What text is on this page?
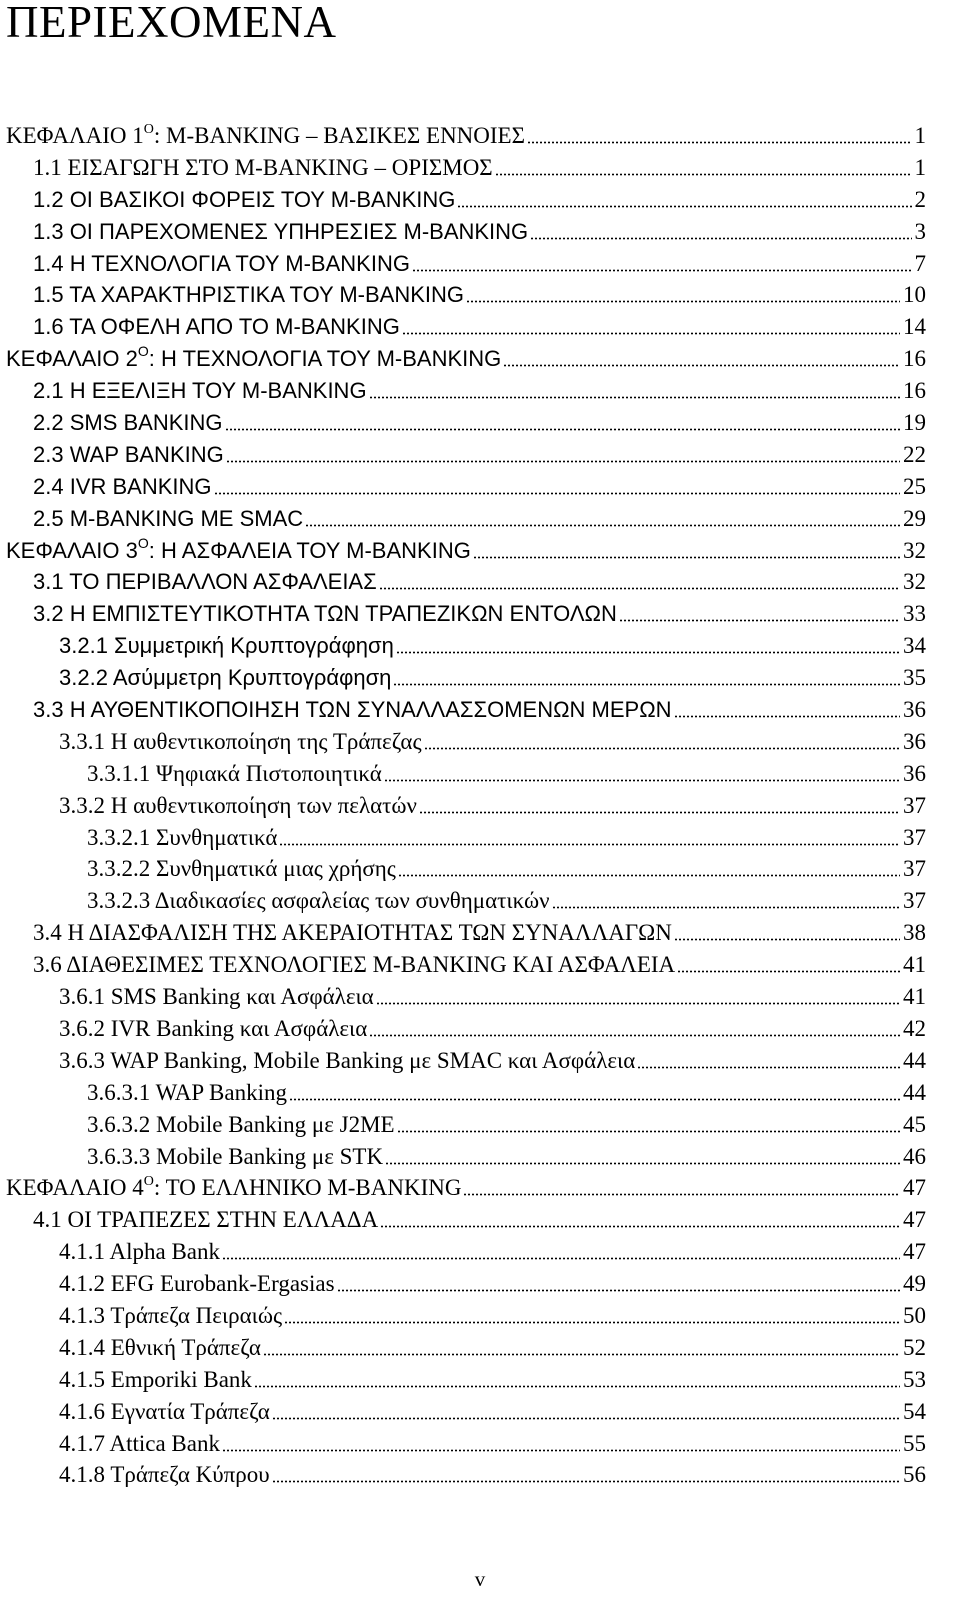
ΠΕΡΙΕΧΟΜΕΝΑ
ΚΕΦΑΛΑΙΟ $1^O$: M-BANKING – ΒΑΣΙΚΕΣ ΕΝΝΟΙΕΣ	1
1.1 ΕΙΣΑΓΩΓΗ ΣΤΟ M-BANKING – ΟΡΙΣΜΟΣ	1
1.2 ΟΙ ΒΑΣΙΚΟΙ ΦΟΡΕΙΣ ΤΟΥ M-BANKING	2
1.3 ΟΙ ΠΑΡΕΧΟΜΕΝΕΣ ΥΠΗΡΕΣΙΕΣ M-BANKING	3
1.4 Η ΤΕΧΝΟΛΟΓΙΑ ΤΟΥ M-BANKING	7
1.5 ΤΑ ΧΑΡΑΚΤΗΡΙΣΤΙΚΑ ΤΟΥ M-BANKING	10
1.6 ΤΑ ΟΦΕΛΗ ΑΠΟ ΤΟ M-BANKING	14
ΚΕΦΑΛΑΙΟ $2^O$: Η ΤΕΧΝΟΛΟΓΙΑ ΤΟΥ M-BANKING	16
2.1 Η ΕΞΕΛΙΞΗ ΤΟΥ M-BANKING	16
2.2 SMS BANKING	19
2.3 WAP BANKING	22
2.4 IVR BANKING	25
2.5 M-BANKING ΜΕ SMAC	29
ΚΕΦΑΛΑΙΟ $3^O$: Η ΑΣΦΑΛΕΙΑ ΤΟΥ M-BANKING	32
3.1 ΤΟ ΠΕΡΙΒΑΛΛΟΝ ΑΣΦΑΛΕΙΑΣ	32
3.2 Η ΕΜΠΙΣΤΕΥΤΙΚΟΤΗΤΑ ΤΩΝ ΤΡΑΠΕΖΙΚΩΝ ΕΝΤΟΛΩΝ	33
3.2.1 Συμμετρική Κρυπτογράφηση	34
3.2.2 Ασύμμετρη Κρυπτογράφηση	35
3.3 Η ΑΥΘΕΝΤΙΚΟΠΟΙΗΣΗ ΤΩΝ ΣΥΝΑΛΛΑΣΣΟΜΕΝΩΝ ΜΕΡΩΝ	36
3.3.1 Η αυθεντικοποίηση της Τράπεζας	36
3.3.1.1 Ψηφιακά Πιστοποιητικά	36
3.3.2 Η αυθεντικοποίηση των πελατών	37
3.3.2.1 Συνθηματικά	37
3.3.2.2 Συνθηματικά μιας χρήσης	37
3.3.2.3 Διαδικασίες ασφαλείας των συνθηματικών	37
3.4 Η ΔΙΑΣΦΑΛΙΣΗ ΤΗΣ ΑΚΕΡΑΙΟΤΗΤΑΣ ΤΩΝ ΣΥΝΑΛΛΑΓΩΝ	38
3.6 ΔΙΑΘΕΣΙΜΕΣ ΤΕΧΝΟΛΟΓΙΕΣ M-BANKING ΚΑΙ ΑΣΦΑΛΕΙΑ	41
3.6.1 SMS Banking και Ασφάλεια	41
3.6.2 IVR Banking και Ασφάλεια	42
3.6.3 WAP Banking, Mobile Banking με SMAC και Ασφάλεια	44
3.6.3.1 WAP Banking	44
3.6.3.2 Mobile Banking με J2ME	45
3.6.3.3 Mobile Banking με STK	46
ΚΕΦΑΛΑΙΟ $4^O$: ΤΟ ΕΛΛΗΝΙΚΟ M-BANKING	47
4.1 ΟΙ ΤΡΑΠΕΖΕΣ ΣΤΗΝ ΕΛΛΑΔΑ	47
4.1.1 Alpha Bank	47
4.1.2 EFG Eurobank-Ergasias	49
4.1.3 Τράπεζα Πειραιώς	50
4.1.4 Εθνική Τράπεζα	52
4.1.5 Emporiki Bank	53
4.1.6 Εγνατία Τράπεζα	54
4.1.7 Attica Bank	55
4.1.8 Τράπεζα Κύπρου	56
v
